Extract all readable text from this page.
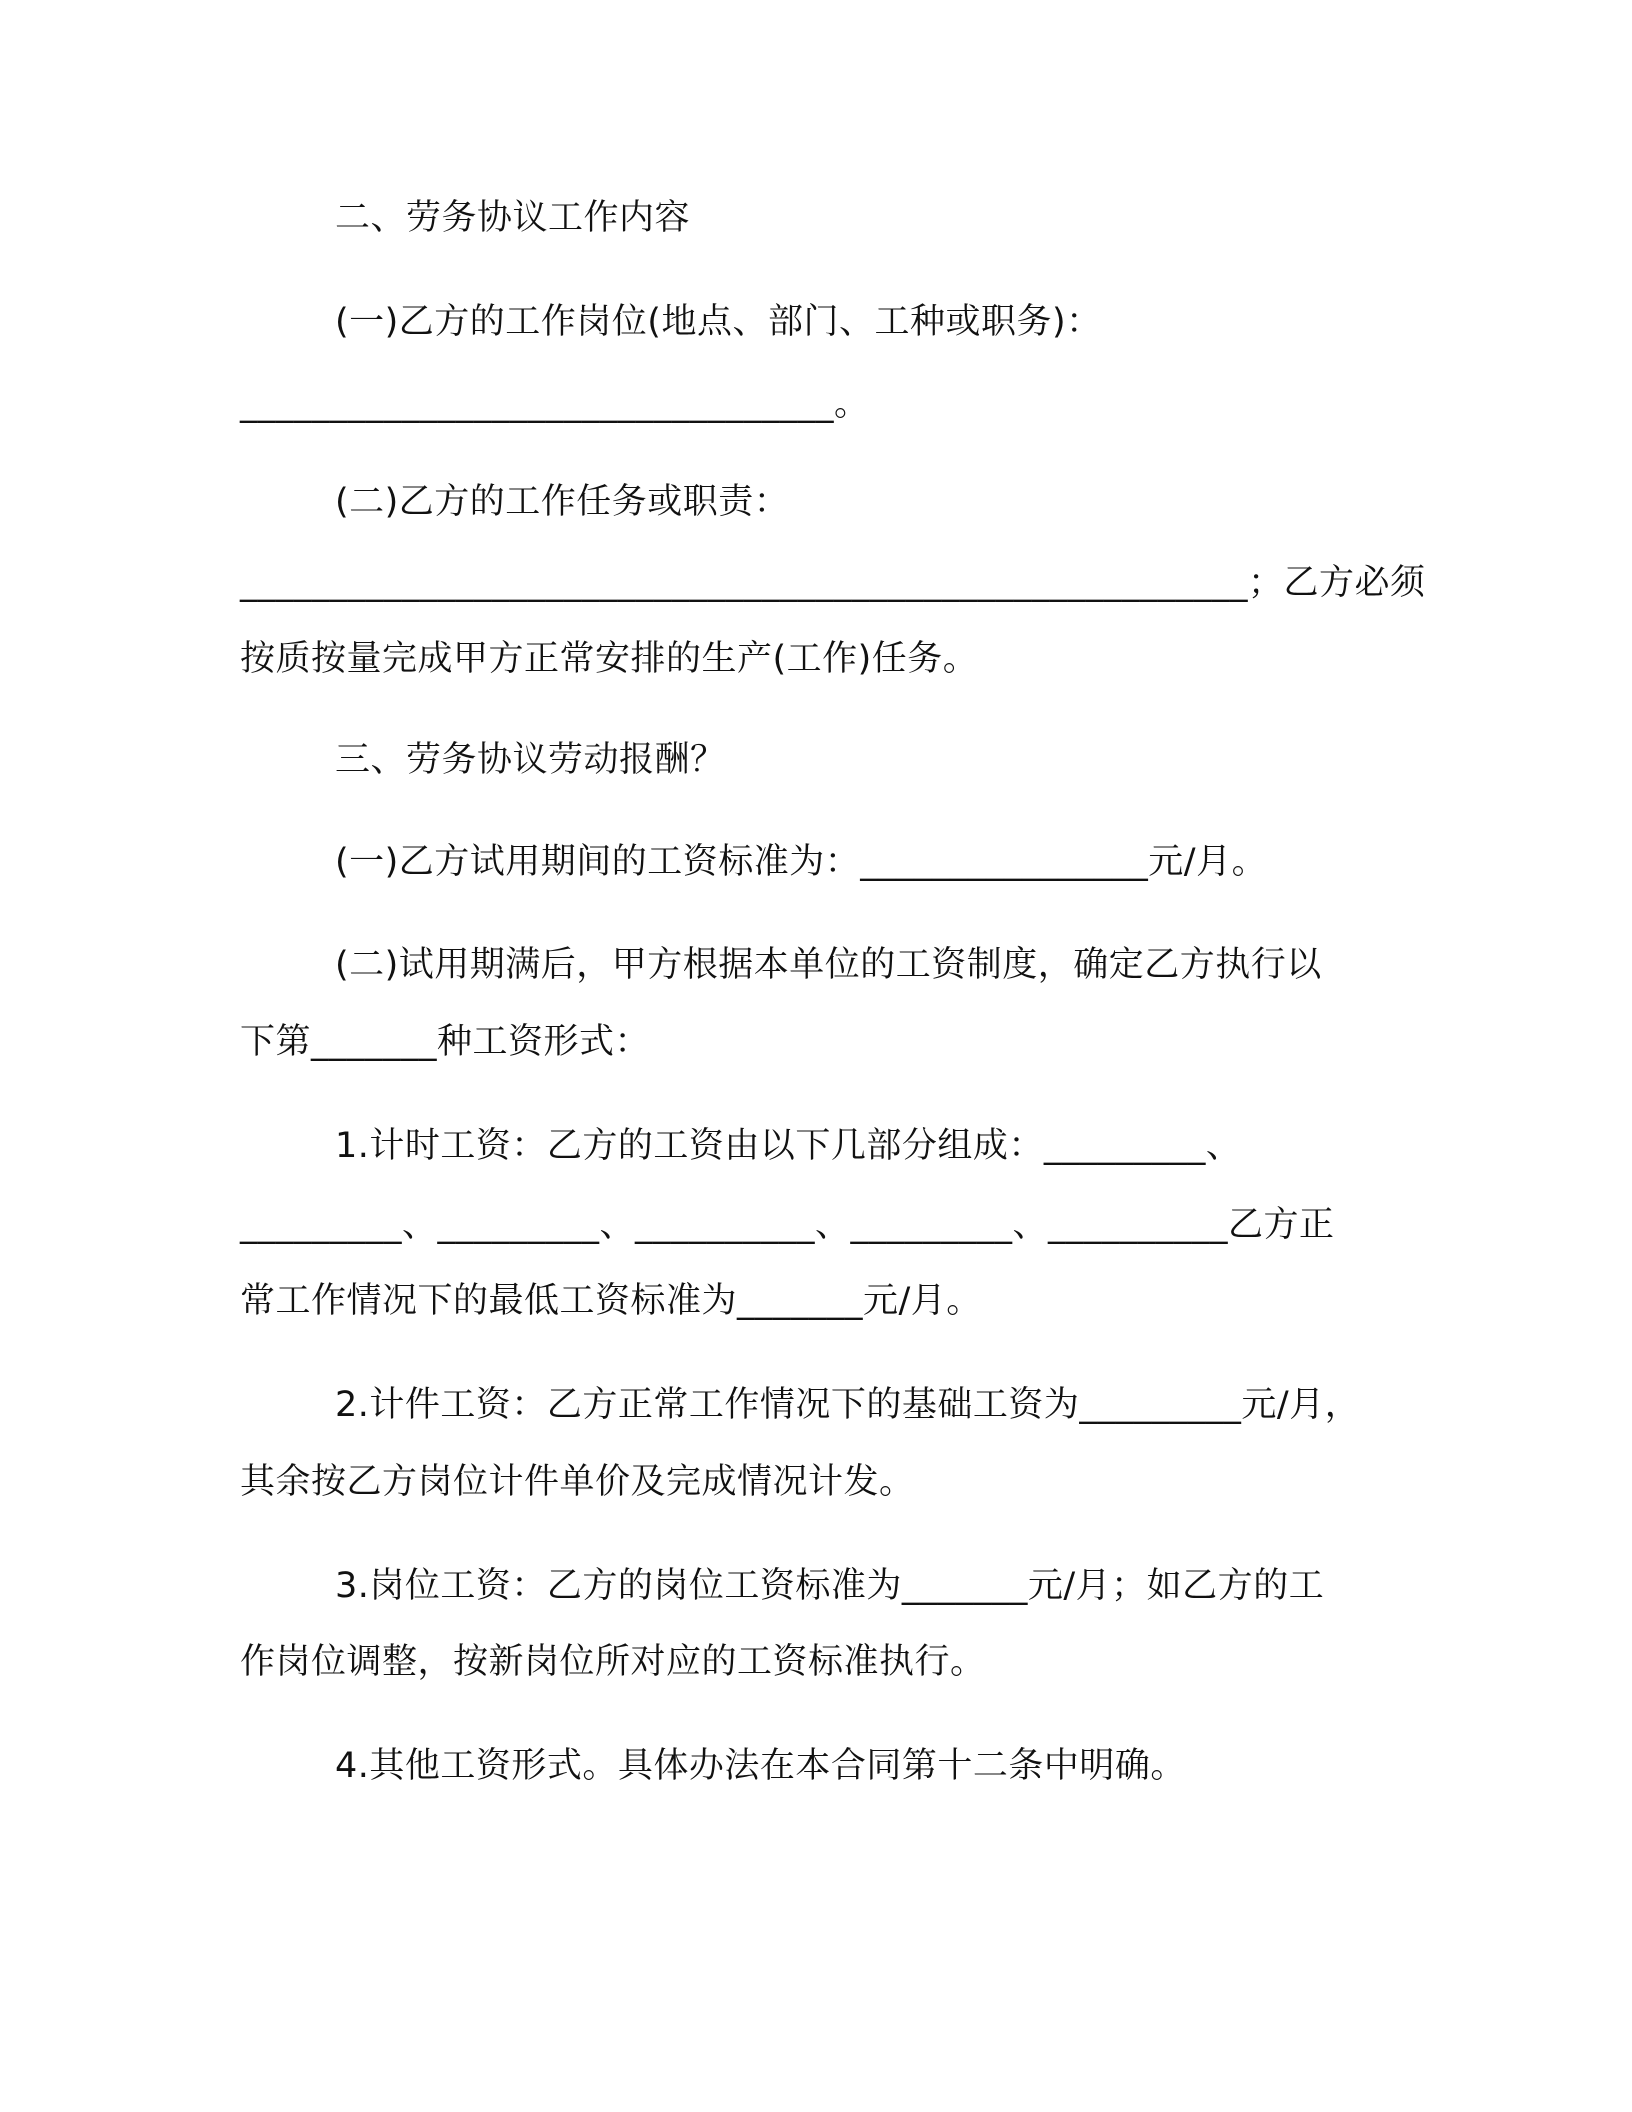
二、劳务协议工作内容
(一)乙方的工作岗位(地点、部门、工种或职务)：
_________________________________。
(二)乙方的工作任务或职责：
________________________________________________________；乙方必须
按质按量完成甲方正常安排的生产(工作)任务。
三、劳务协议劳动报酬？
(一)乙方试用期间的工资标准为：________________元/月。
(二)试用期满后，甲方根据本单位的工资制度，确定乙方执行以
下第_______种工资形式：
1.计时工资：乙方的工资由以下几部分组成：_________、
_________、_________、__________、_________、__________乙方正
常工作情况下的最低工资标准为_______元/月。
2.计件工资：乙方正常工作情况下的基础工资为_________元/月，
其余按乙方岗位计件单价及完成情况计发。
3.岗位工资：乙方的岗位工资标准为_______元/月；如乙方的工
作岗位调整，按新岗位所对应的工资标准执行。
4.其他工资形式。具体办法在本合同第十二条中明确。
